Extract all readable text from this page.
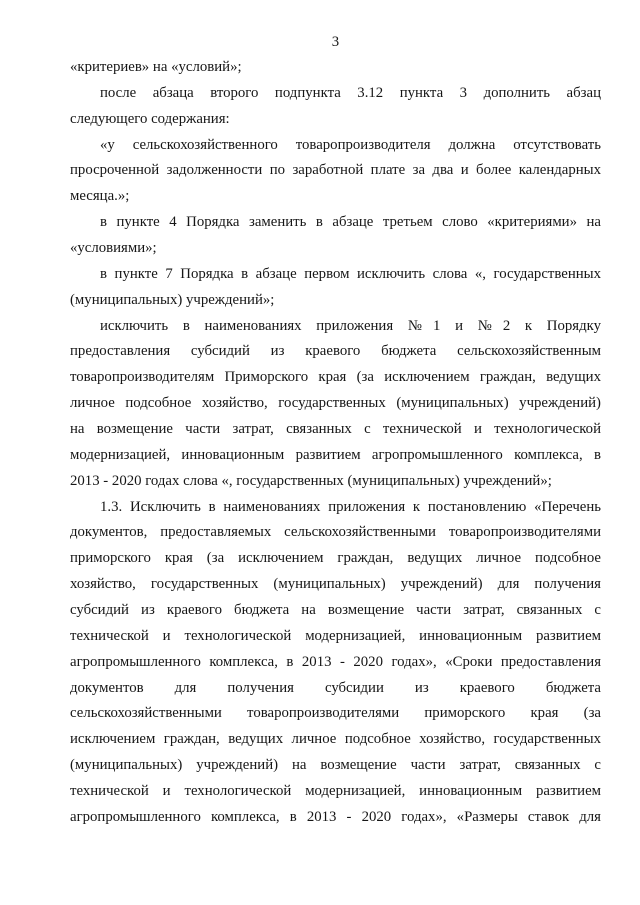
3
«критериев» на «условий»;
после абзаца второго подпункта 3.12 пункта 3 дополнить абзац
следующего содержания:
«у сельскохозяйственного товаропроизводителя должна отсутствовать
просроченной задолженности по заработной плате за два и более календарных
месяца.»;
в пункте 4 Порядка заменить в абзаце третьем слово «критериями» на
«условиями»;
в пункте 7 Порядка в абзаце первом исключить слова «, государственных
(муниципальных) учреждений»;
исключить в наименованиях приложения №1 и №2 к Порядку
предоставления субсидий из краевого бюджета сельскохозяйственным
товаропроизводителям Приморского края (за исключением граждан, ведущих
личное подсобное хозяйство, государственных (муниципальных) учреждений)
на возмещение части затрат, связанных с технической и технологической
модернизацией, инновационным развитием агропромышленного комплекса, в
2013 - 2020 годах слова «, государственных (муниципальных) учреждений»;
1.3. Исключить в наименованиях приложения к постановлению «Перечень
документов, предоставляемых сельскохозяйственными товаропроизводителями
приморского края (за исключением граждан, ведущих личное подсобное
хозяйство, государственных (муниципальных) учреждений) для получения
субсидий из краевого бюджета на возмещение части затрат, связанных с
технической и технологической модернизацией, инновационным развитием
агропромышленного комплекса, в 2013 - 2020 годах», «Сроки предоставления
документов для получения субсидии из краевого бюджета
сельскохозяйственными товаропроизводителями приморского края (за
исключением граждан, ведущих личное подсобное хозяйство, государственных
(муниципальных) учреждений) на возмещение части затрат, связанных с
технической и технологической модернизацией, инновационным развитием
агропромышленного комплекса, в 2013 - 2020 годах», «Размеры ставок для
